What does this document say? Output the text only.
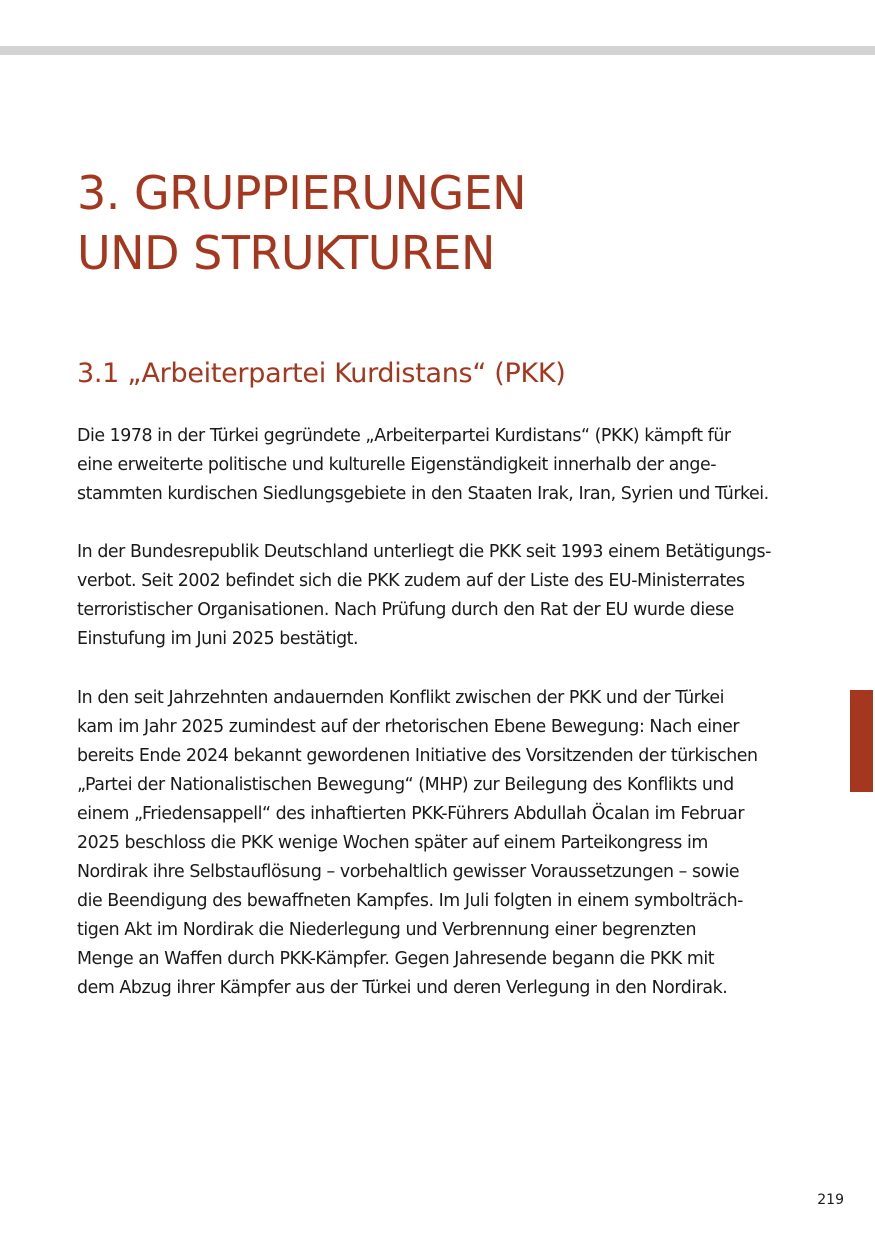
3. GRUPPIERUNGEN
UND STRUKTUREN
3.1 „Arbeiterpartei Kurdistans“ (PKK)

Die 1978 in der Türkei gegründete „Arbeiterpartei Kurdistans“ (PKK) kämpft für
eine erweiterte politische und kulturelle Eigenständigkeit innerhalb der ange-
stammten kurdischen Siedlungsgebiete in den Staaten Irak, Iran, Syrien und Türkei.

In der Bundesrepublik Deutschland unterliegt die PKK seit 1993 einem Betätigungs-
verbot. Seit 2002 befindet sich die PKK zudem auf der Liste des EU-Ministerrates
terroristischer Organisationen. Nach Prüfung durch den Rat der EU wurde diese
Einstufung im Juni 2025 bestätigt.

In den seit Jahrzehnten andauernden Konflikt zwischen der PKK und der Türkei
kam im Jahr 2025 zumindest auf der rhetorischen Ebene Bewegung: Nach einer
bereits Ende 2024 bekannt gewordenen Initiative des Vorsitzenden der türkischen
„Partei der Nationalistischen Bewegung“ (MHP) zur Beilegung des Konflikts und
einem „Friedensappell“ des inhaftierten PKK-Führers Abdullah Öcalan im Februar
2025 beschloss die PKK wenige Wochen später auf einem Parteikongress im
Nordirak ihre Selbstauflösung – vorbehaltlich gewisser Voraussetzungen – sowie
die Beendigung des bewaffneten Kampfes. Im Juli folgten in einem symbolträch-
tigen Akt im Nordirak die Niederlegung und Verbrennung einer begrenzten
Menge an Waffen durch PKK-Kämpfer. Gegen Jahresende begann die PKK mit
dem Abzug ihrer Kämpfer aus der Türkei und deren Verlegung in den Nordirak.

219
